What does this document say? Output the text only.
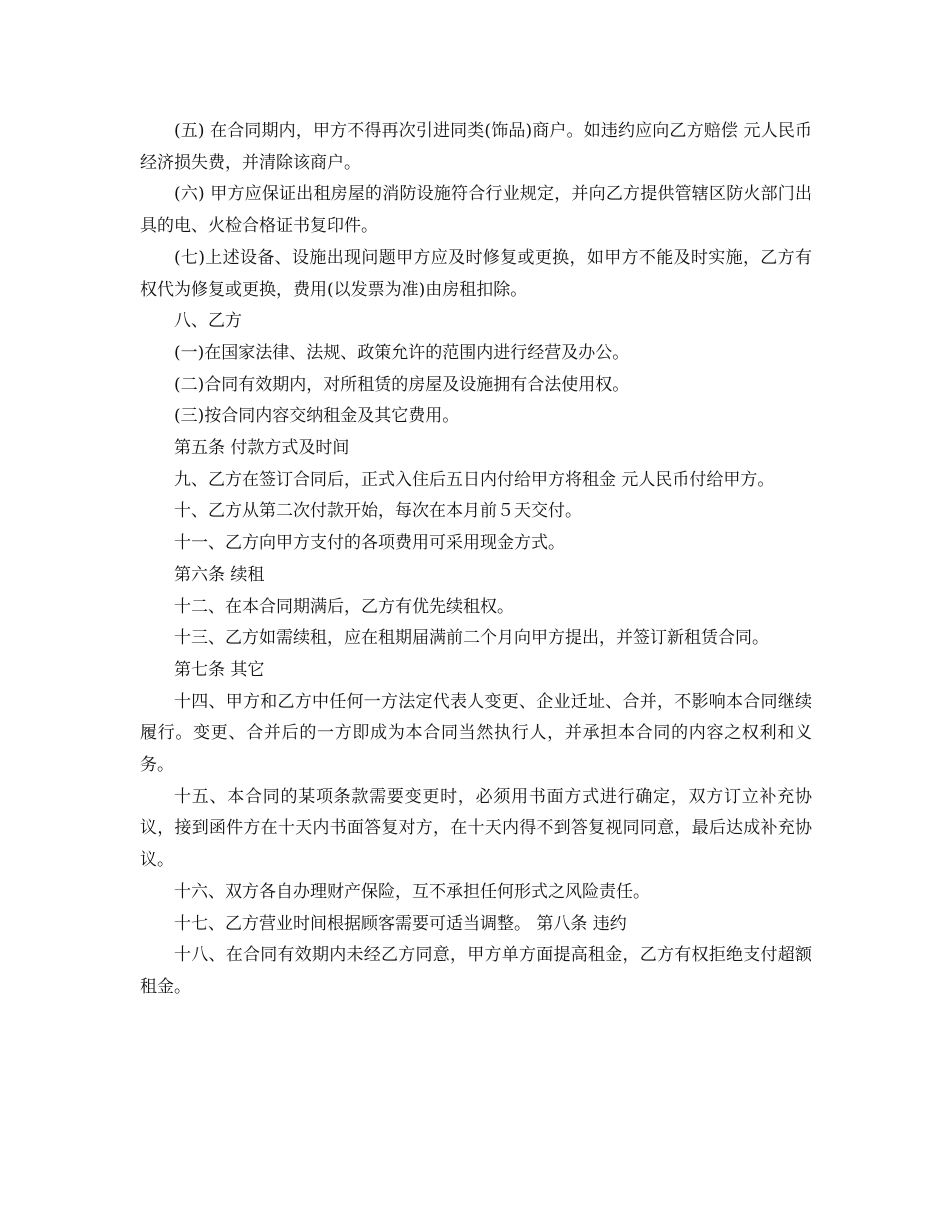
(五) 在合同期内，甲方不得再次引进同类(饰品)商户。如违约应向乙方赔偿 元人民币经济损失费，并清除该商户。

(六) 甲方应保证出租房屋的消防设施符合行业规定，并向乙方提供管辖区防火部门出具的电、火检合格证书复印件。

(七)上述设备、设施出现问题甲方应及时修复或更换，如甲方不能及时实施，乙方有权代为修复或更换，费用(以发票为准)由房租扣除。

八、乙方

(一)在国家法律、法规、政策允许的范围内进行经营及办公。

(二)合同有效期内，对所租赁的房屋及设施拥有合法使用权。

(三)按合同内容交纳租金及其它费用。

第五条 付款方式及时间

九、乙方在签订合同后，正式入住后五日内付给甲方将租金 元人民币付给甲方。

十、乙方从第二次付款开始，每次在本月前５天交付。

十一、乙方向甲方支付的各项费用可采用现金方式。

第六条 续租

十二、在本合同期满后，乙方有优先续租权。

十三、乙方如需续租，应在租期届满前二个月向甲方提出，并签订新租赁合同。

第七条 其它

十四、甲方和乙方中任何一方法定代表人变更、企业迁址、合并，不影响本合同继续履行。变更、合并后的一方即成为本合同当然执行人，并承担本合同的内容之权利和义务。

十五、本合同的某项条款需要变更时，必须用书面方式进行确定，双方订立补充协议，接到函件方在十天内书面答复对方，在十天内得不到答复视同同意，最后达成补充协议。

十六、双方各自办理财产保险，互不承担任何形式之风险责任。

十七、乙方营业时间根据顾客需要可适当调整。 第八条 违约

十八、在合同有效期内未经乙方同意，甲方单方面提高租金，乙方有权拒绝支付超额租金。
